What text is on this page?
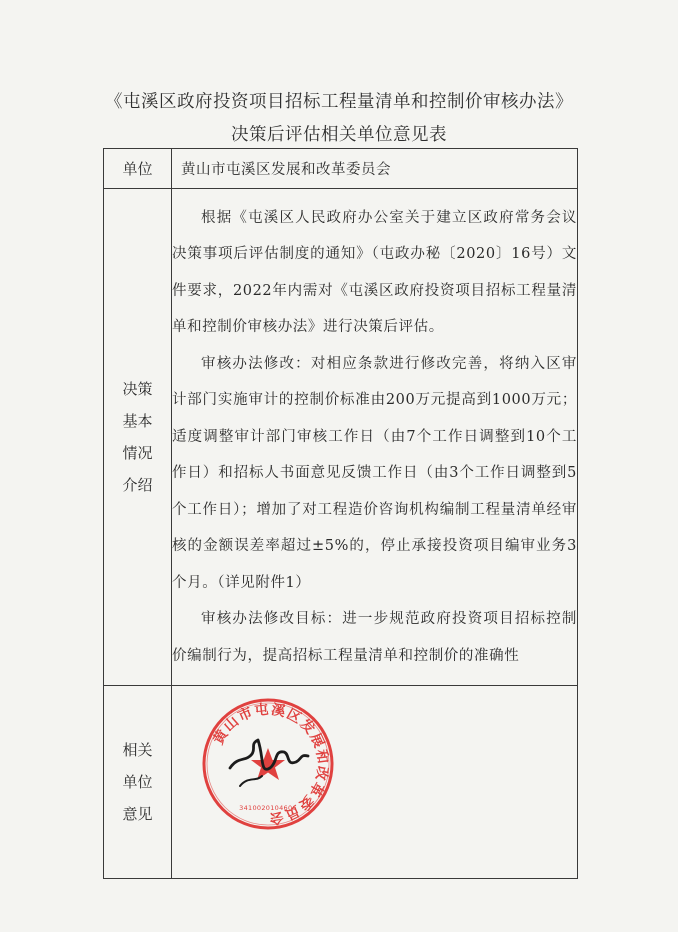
《屯溪区政府投资项目招标工程量清单和控制价审核办法》
决策后评估相关单位意见表
单位	黄山市屯溪区发展和改革委员会

决策基本情况介绍	根据《屯溪区人民政府办公室关于建立区政府常务会议决策事项后评估制度的通知》（屯政办秘〔2020〕16号）文件要求，2022年内需对《屯溪区政府投资项目招标工程量清单和控制价审核办法》进行决策后评估。

审核办法修改：对相应条款进行修改完善，将纳入区审计部门实施审计的控制价标准由200万元提高到1000万元；适度调整审计部门审核工作日（由7个工作日调整到10个工作日）和招标人书面意见反馈工作日（由3个工作日调整到5个工作日）；增加了对工程造价咨询机构编制工程量清单经审核的金额误差率超过±5%的，停止承接投资项目编审业务3个月。（详见附件1）

审核办法修改目标：进一步规范政府投资项目招标控制价编制行为，提高招标工程量清单和控制价的准确性

相关单位意见	黄山市屯溪区发展和改革委员会
3410020104606
